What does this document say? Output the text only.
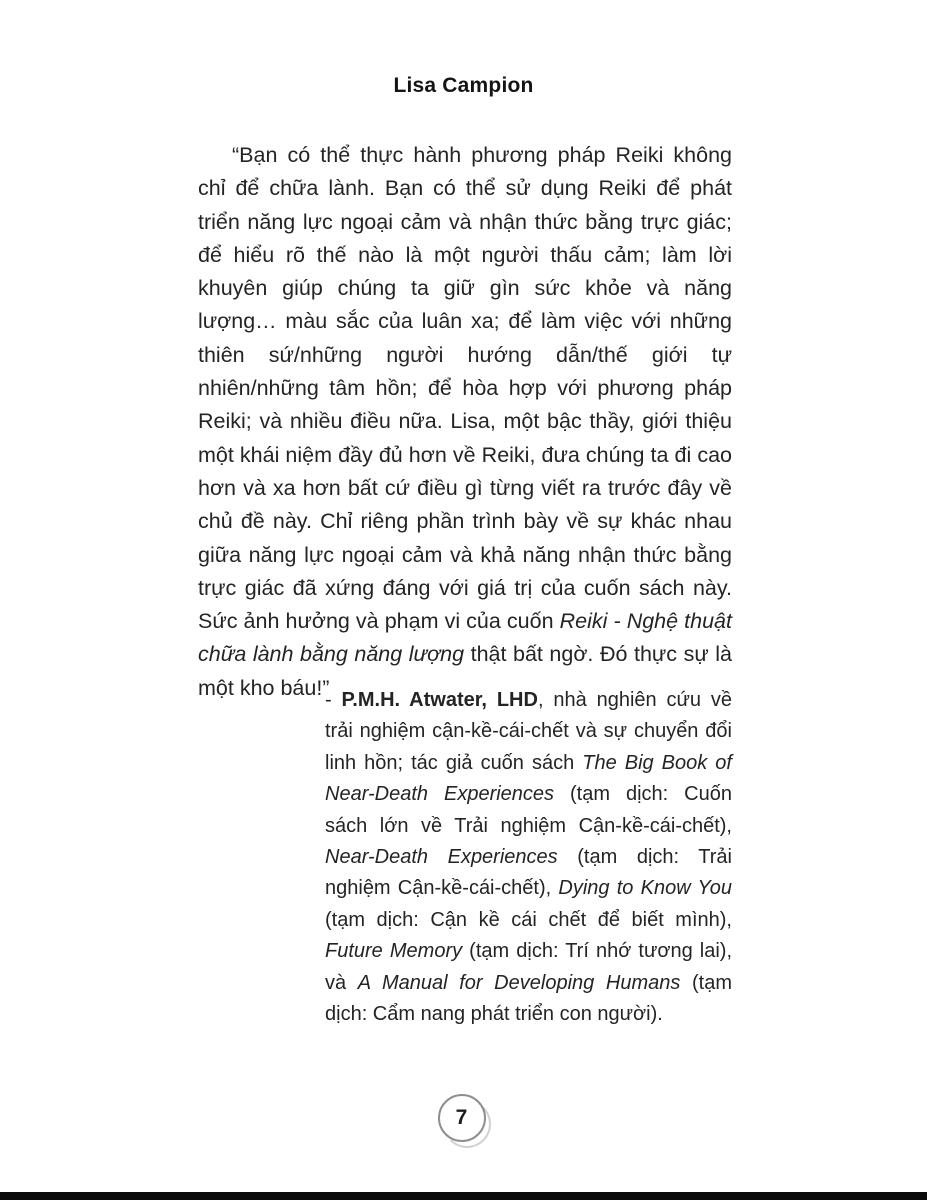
Lisa Campion

“Bạn có thể thực hành phương pháp Reiki không chỉ để chữa lành. Bạn có thể sử dụng Reiki để phát triển năng lực ngoại cảm và nhận thức bằng trực giác; để hiểu rõ thế nào là một người thấu cảm; làm lời khuyên giúp chúng ta giữ gìn sức khỏe và năng lượng… màu sắc của luân xa; để làm việc với những thiên sứ/những người hướng dẫn/thế giới tự nhiên/những tâm hồn; để hòa hợp với phương pháp Reiki; và nhiều điều nữa. Lisa, một bậc thầy, giới thiệu một khái niệm đầy đủ hơn về Reiki, đưa chúng ta đi cao hơn và xa hơn bất cứ điều gì từng viết ra trước đây về chủ đề này. Chỉ riêng phần trình bày về sự khác nhau giữa năng lực ngoại cảm và khả năng nhận thức bằng trực giác đã xứng đáng với giá trị của cuốn sách này. Sức ảnh hưởng và phạm vi của cuốn Reiki - Nghệ thuật chữa lành bằng năng lượng thật bất ngờ. Đó thực sự là một kho báu!”

- P.M.H. Atwater, LHD, nhà nghiên cứu về trải nghiệm cận-kề-cái-chết và sự chuyển đổi linh hồn; tác giả cuốn sách The Big Book of Near-Death Experiences (tạm dịch: Cuốn sách lớn về Trải nghiệm Cận-kề-cái-chết), Near-Death Experiences (tạm dịch: Trải nghiệm Cận-kề-cái-chết), Dying to Know You (tạm dịch: Cận kề cái chết để biết mình), Future Memory (tạm dịch: Trí nhớ tương lai), và A Manual for Developing Humans (tạm dịch: Cẩm nang phát triển con người).

7
